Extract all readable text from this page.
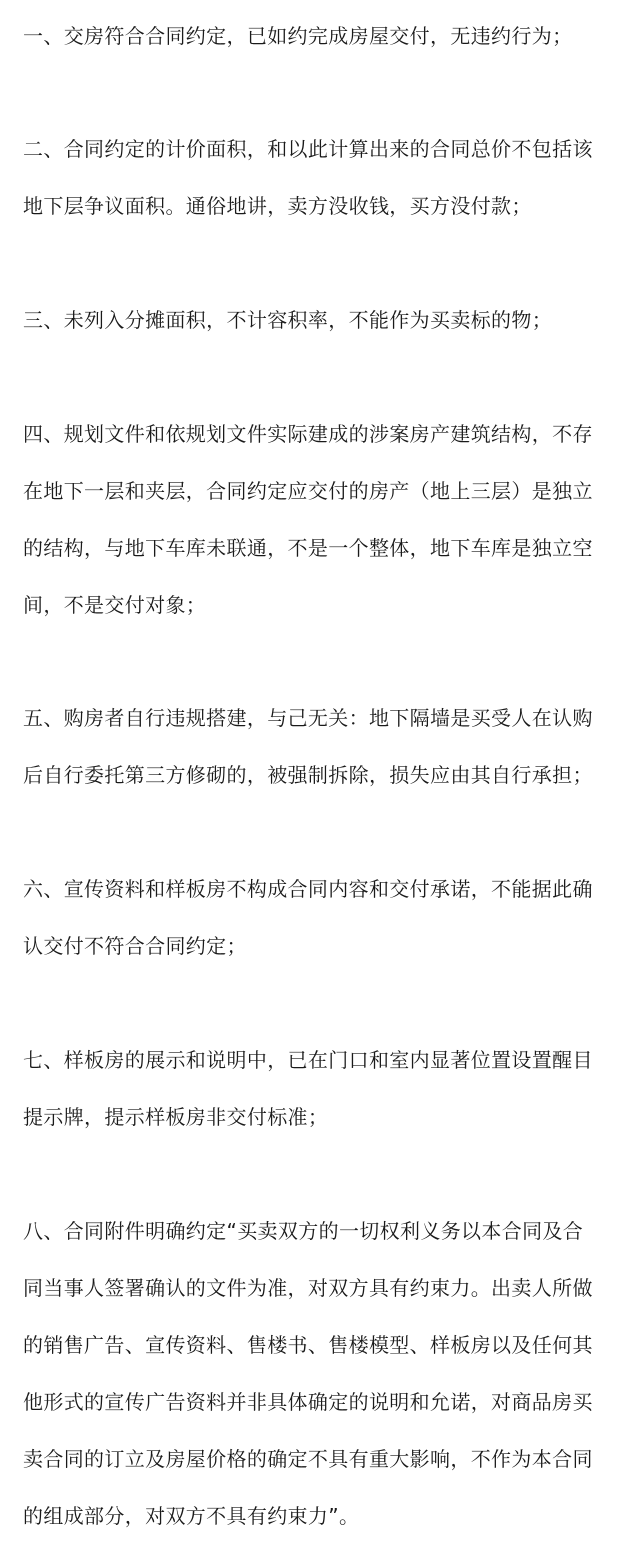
一、交房符合合同约定，已如约完成房屋交付，无违约行为；

二、合同约定的计价面积，和以此计算出来的合同总价不包括该
地下层争议面积。通俗地讲，卖方没收钱，买方没付款；

三、未列入分摊面积，不计容积率，不能作为买卖标的物；

四、规划文件和依规划文件实际建成的涉案房产建筑结构，不存
在地下一层和夹层，合同约定应交付的房产（地上三层）是独立
的结构，与地下车库未联通，不是一个整体，地下车库是独立空
间，不是交付对象；

五、购房者自行违规搭建，与己无关：地下隔墙是买受人在认购
后自行委托第三方修砌的，被强制拆除，损失应由其自行承担；

六、宣传资料和样板房不构成合同内容和交付承诺，不能据此确
认交付不符合合同约定；

七、样板房的展示和说明中，已在门口和室内显著位置设置醒目
提示牌，提示样板房非交付标准；

八、合同附件明确约定“买卖双方的一切权利义务以本合同及合
同当事人签署确认的文件为准，对双方具有约束力。出卖人所做
的销售广告、宣传资料、售楼书、售楼模型、样板房以及任何其
他形式的宣传广告资料并非具体确定的说明和允诺，对商品房买
卖合同的订立及房屋价格的确定不具有重大影响，不作为本合同
的组成部分，对双方不具有约束力”。
